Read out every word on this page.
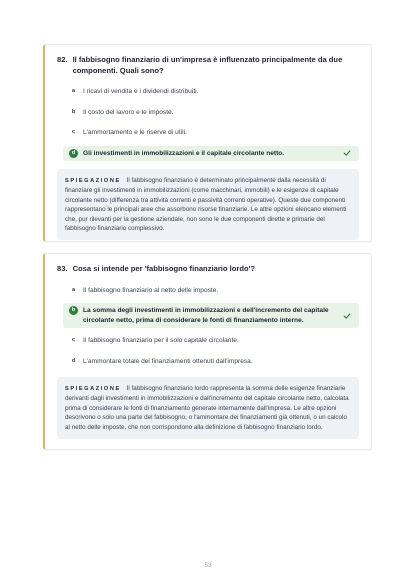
82. Il fabbisogno finanziario di un'impresa è influenzato principalmente da due componenti. Quali sono?
a	I ricavi di vendita e i dividendi distribuiti.
b	Il costo del lavoro e le imposte.
c	L'ammortamento e le riserve di utili.
d	Gli investimenti in immobilizzazioni e il capitale circolante netto.
SPIEGAZIONE Il fabbisogno finanziario è determinato principalmente dalla necessità di finanziare gli investimenti in immobilizzazioni (come macchinari, immobili) e le esigenze di capitale circolante netto (differenza tra attività correnti e passività correnti operative). Queste due componenti rappresentano le principali aree che assorbono risorse finanziarie. Le altre opzioni elencano elementi che, pur rilevanti per la gestione aziendale, non sono le due componenti dirette e primarie del fabbisogno finanziario complessivo.
83. Cosa si intende per 'fabbisogno finanziario lordo'?
a	Il fabbisogno finanziario al netto delle imposte.
b	La somma degli investimenti in immobilizzazioni e dell'incremento del capitale circolante netto, prima di considerare le fonti di finanziamento interne.
c	Il fabbisogno finanziario per il solo capitale circolante.
d	L'ammontare totale dei finanziamenti ottenuti dall'impresa.
SPIEGAZIONE Il fabbisogno finanziario lordo rappresenta la somma delle esigenze finanziarie derivanti dagli investimenti in immobilizzazioni e dall'incremento del capitale circolante netto, calcolata prima di considerare le fonti di finanziamento generate internamente dall'impresa. Le altre opzioni descrivono o solo una parte del fabbisogno, o l'ammontare dei finanziamenti già ottenuti, o un calcolo al netto delle imposte, che non corrispondono alla definizione di fabbisogno finanziario lordo.
53
